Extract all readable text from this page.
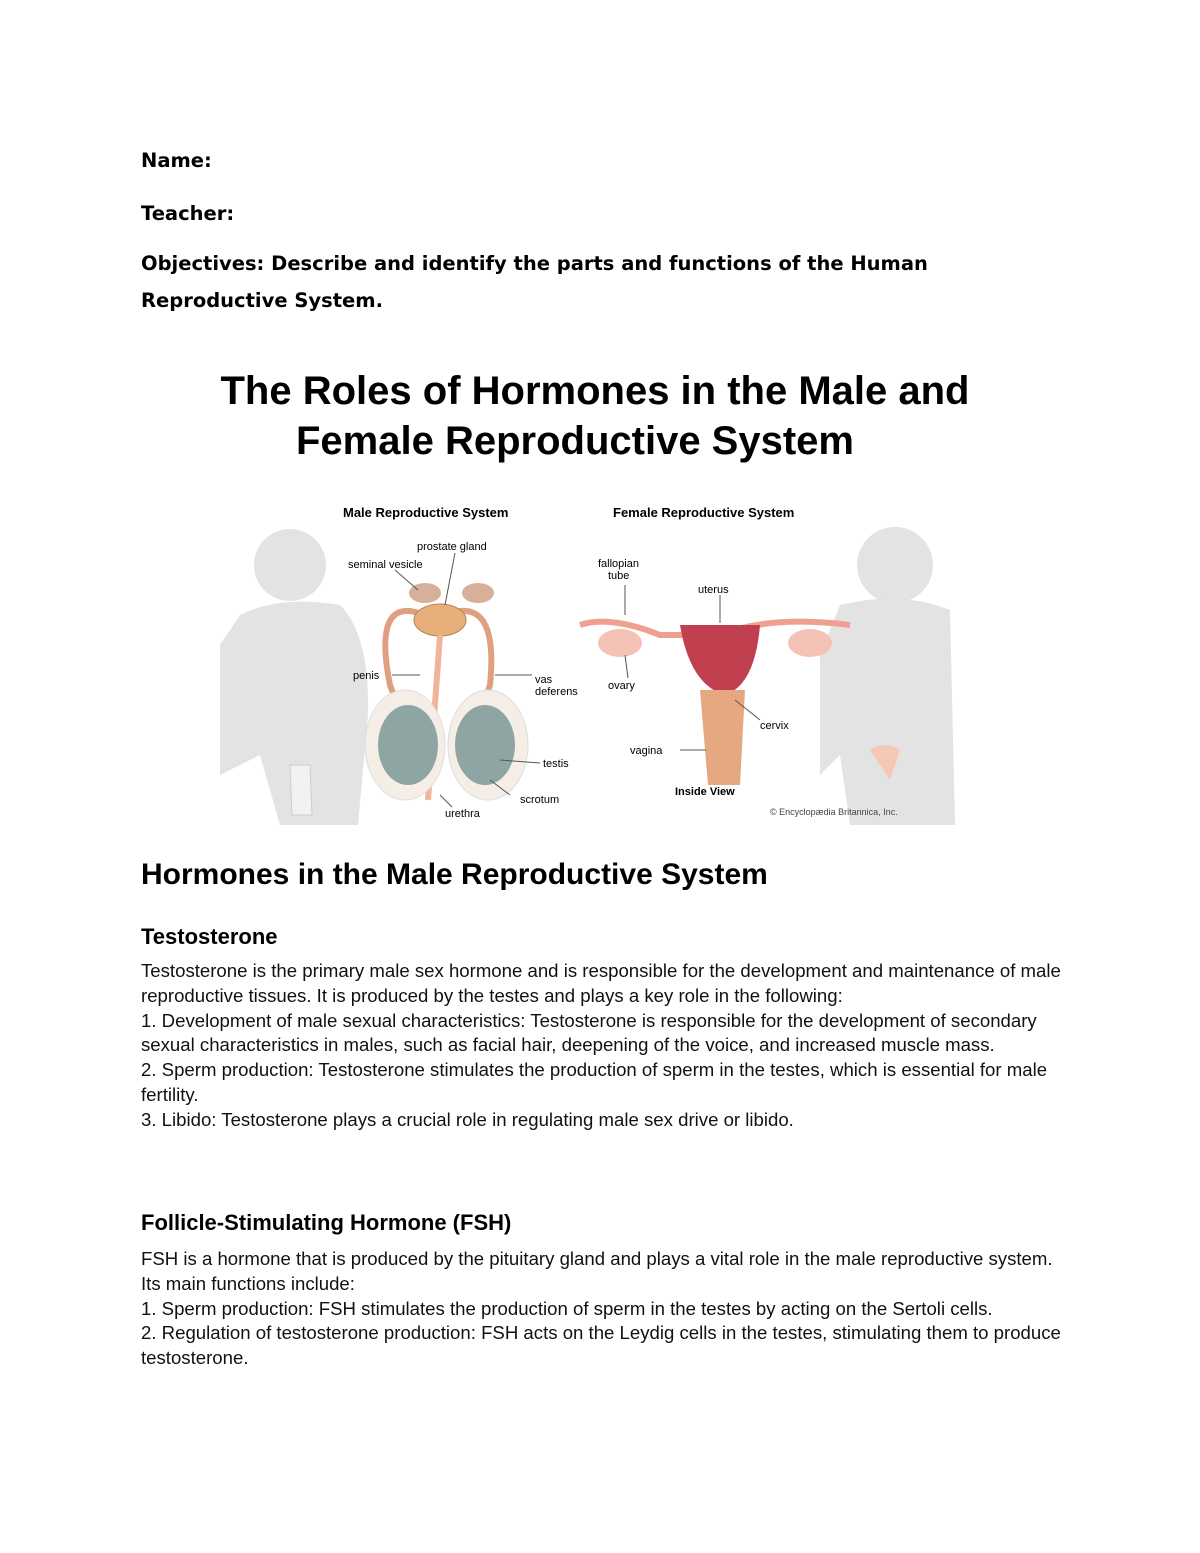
Name:
Teacher:
Objectives: Describe and identify the parts and functions of the Human Reproductive System.
The Roles of Hormones in the Male and
Female Reproductive System
Male Reproductive System	Female Reproductive System
prostate gland
seminal vesicle
penis	vas
deferens
testis
scrotum
urethra
fallopian
tube
uterus
ovary
cervix
vagina
Inside View
© Encyclopædia Britannica, Inc.
Hormones in the Male Reproductive System
Testosterone

Testosterone is the primary male sex hormone and is responsible for the development and maintenance of male reproductive tissues. It is produced by the testes and plays a key role in the following:

1. Development of male sexual characteristics: Testosterone is responsible for the development of secondary sexual characteristics in males, such as facial hair, deepening of the voice, and increased muscle mass.

2. Sperm production: Testosterone stimulates the production of sperm in the testes, which is essential for male fertility.

3. Libido: Testosterone plays a crucial role in regulating male sex drive or libido.

Follicle-Stimulating Hormone (FSH)

FSH is a hormone that is produced by the pituitary gland and plays a vital role in the male reproductive system. Its main functions include:

1. Sperm production: FSH stimulates the production of sperm in the testes by acting on the Sertoli cells.

2. Regulation of testosterone production: FSH acts on the Leydig cells in the testes, stimulating them to produce testosterone.
